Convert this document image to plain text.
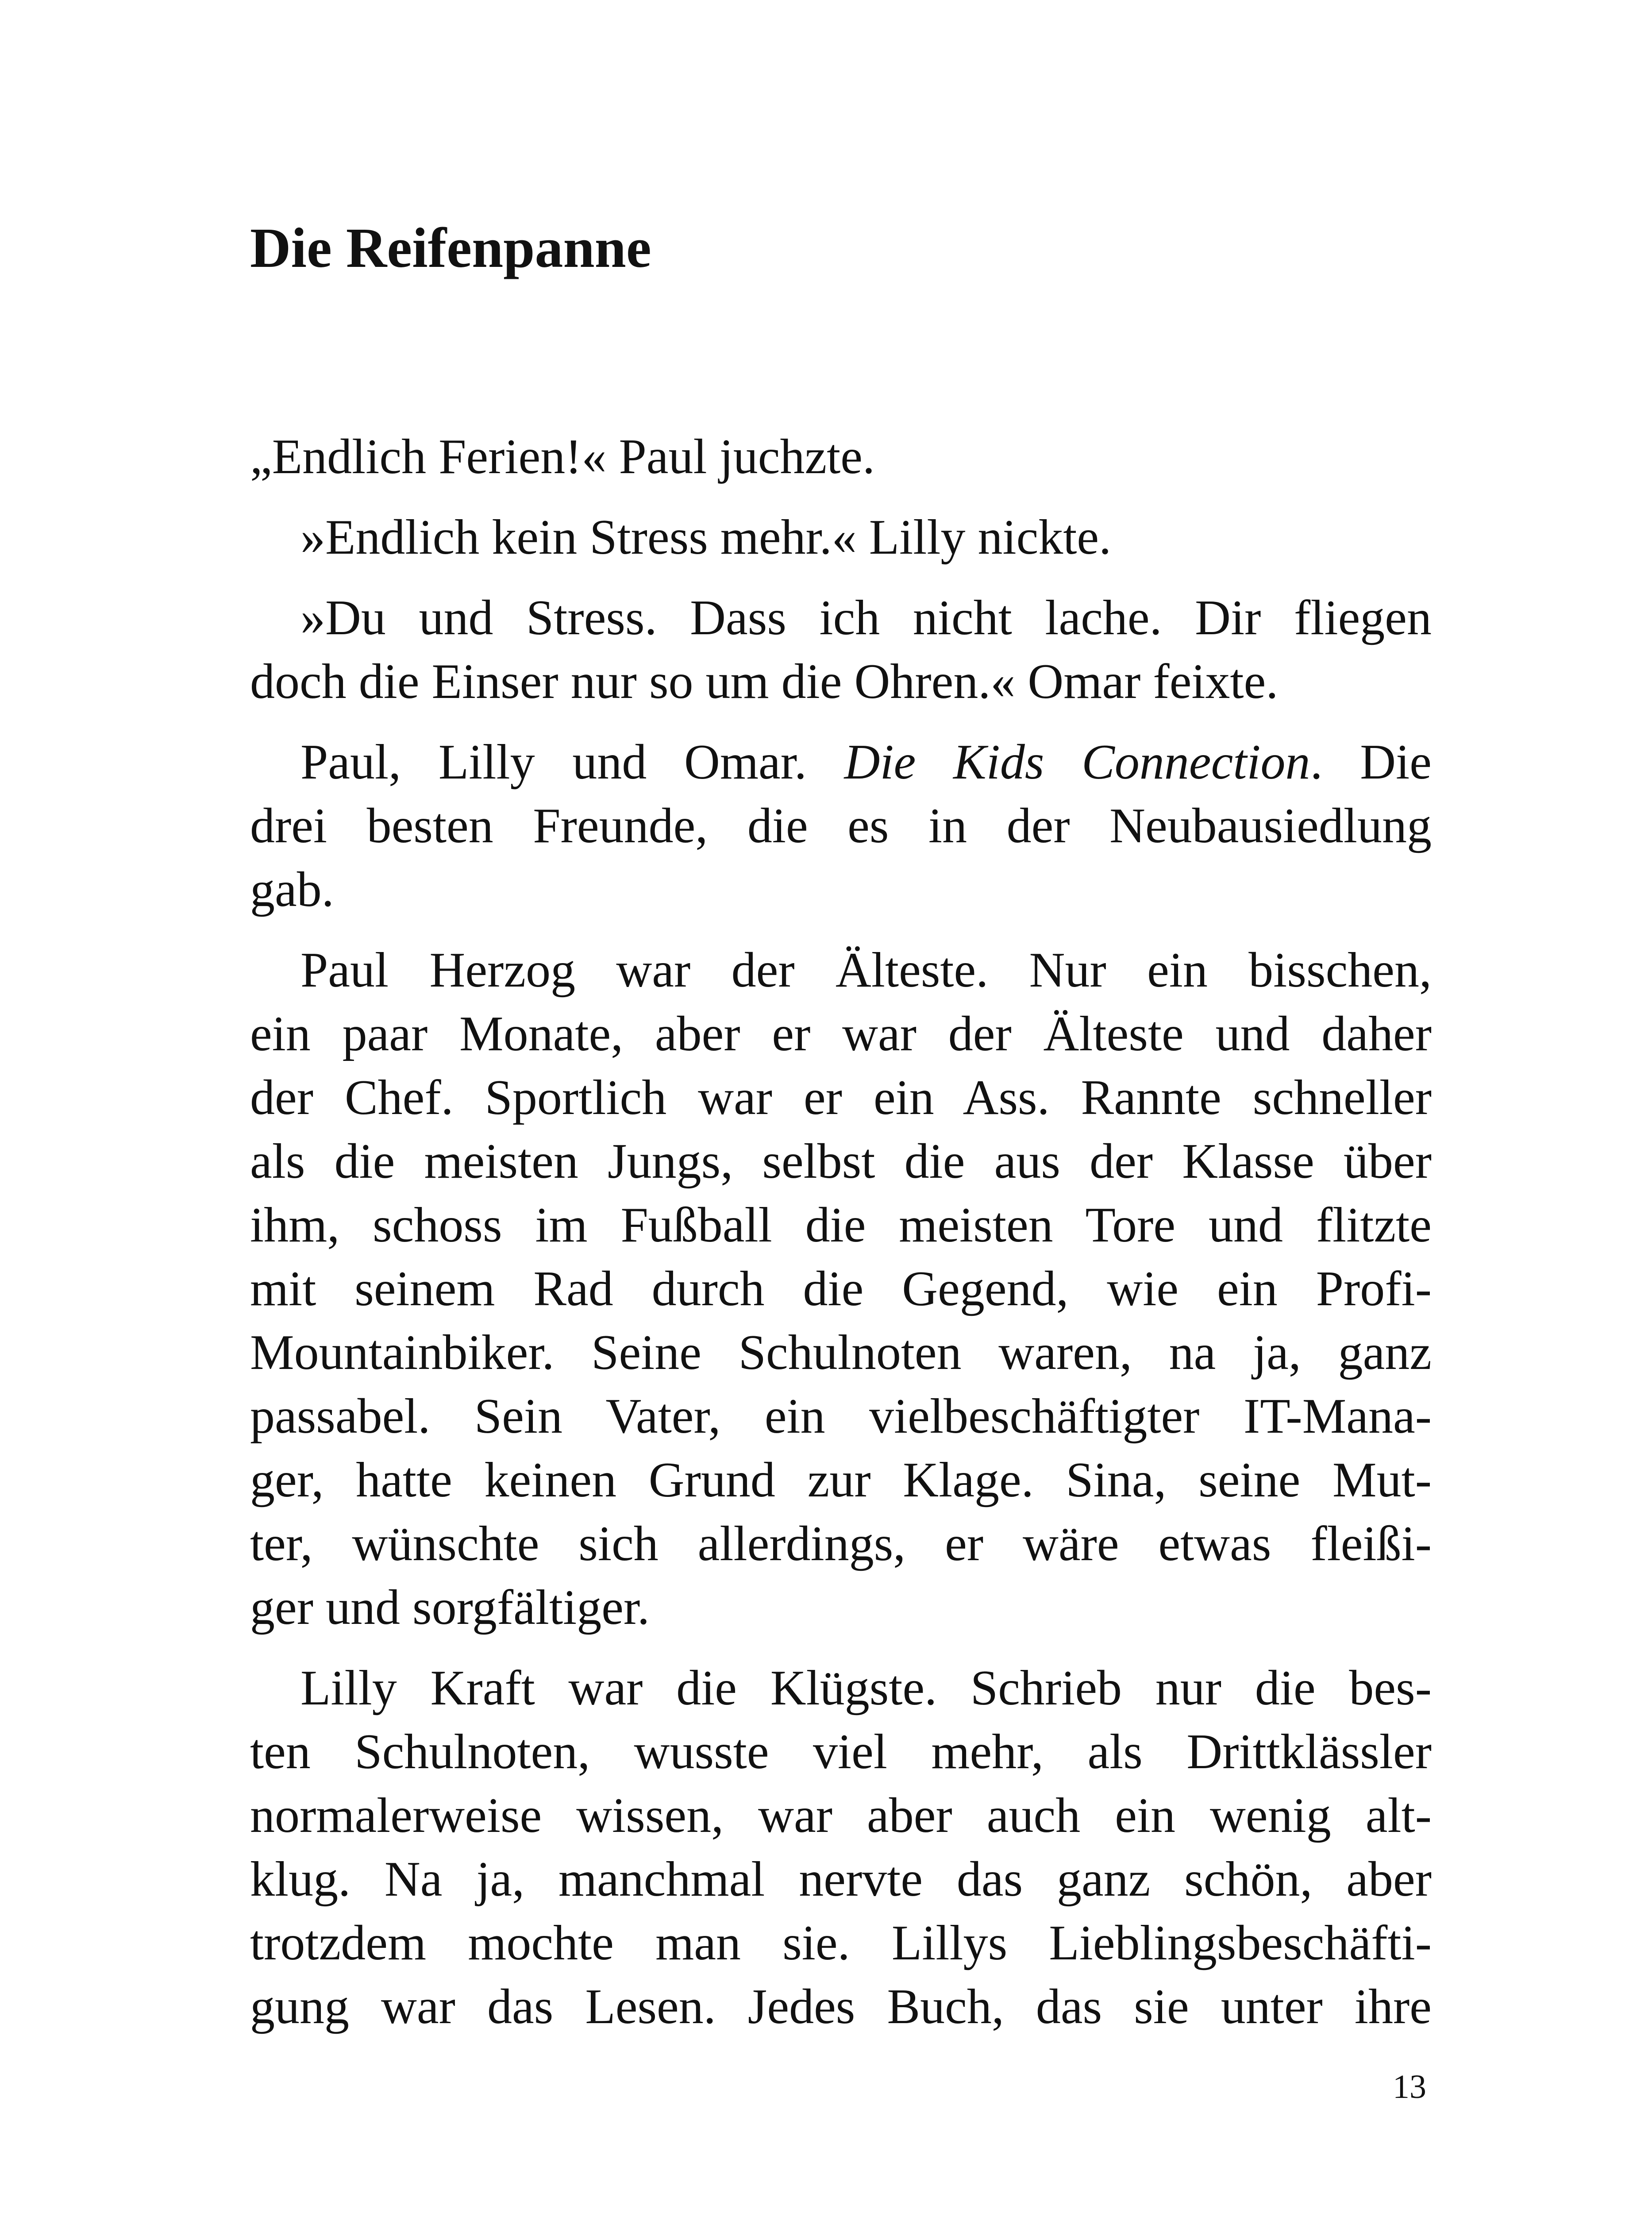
Die Reifenpanne
„Endlich Ferien!« Paul juchzte.
»Endlich kein Stress mehr.« Lilly nickte.
»Du und Stress. Dass ich nicht lache. Dir fliegen
doch die Einser nur so um die Ohren.« Omar feixte.
Paul, Lilly und Omar. Die Kids Connection. Die
drei besten Freunde, die es in der Neubausiedlung
gab.
Paul Herzog war der Älteste. Nur ein bisschen,
ein paar Monate, aber er war der Älteste und daher
der Chef. Sportlich war er ein Ass. Rannte schneller
als die meisten Jungs, selbst die aus der Klasse über
ihm, schoss im Fußball die meisten Tore und flitzte
mit seinem Rad durch die Gegend, wie ein Profi-
Mountainbiker. Seine Schulnoten waren, na ja, ganz
passabel. Sein Vater, ein vielbeschäftigter IT-Mana-
ger, hatte keinen Grund zur Klage. Sina, seine Mut-
ter, wünschte sich allerdings, er wäre etwas fleißi-
ger und sorgfältiger.
Lilly Kraft war die Klügste. Schrieb nur die bes-
ten Schulnoten, wusste viel mehr, als Drittklässler
normalerweise wissen, war aber auch ein wenig alt-
klug. Na ja, manchmal nervte das ganz schön, aber
trotzdem mochte man sie. Lillys Lieblingsbeschäfti-
gung war das Lesen. Jedes Buch, das sie unter ihre
13
